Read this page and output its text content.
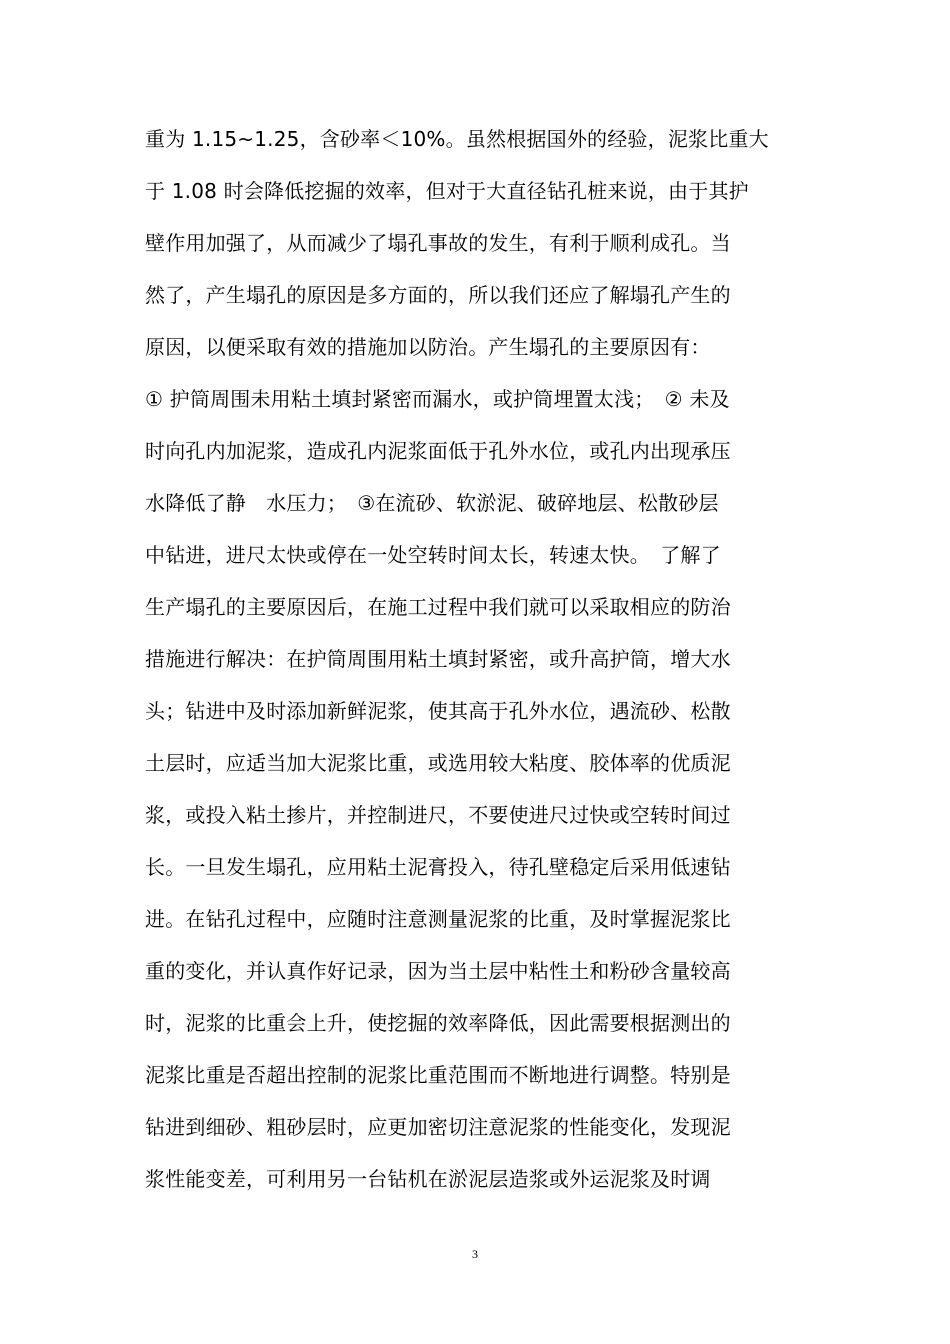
重为 1.15~1.25，含砂率＜10%。虽然根据国外的经验，泥浆比重大
于 1.08 时会降低挖掘的效率，但对于大直径钻孔桩来说，由于其护
壁作用加强了，从而减少了塌孔事故的发生，有利于顺利成孔。当
然了，产生塌孔的原因是多方面的，所以我们还应了解塌孔产生的
原因，以便采取有效的措施加以防治。产生塌孔的主要原因有：
① 护筒周围未用粘土填封紧密而漏水，或护筒埋置太浅；　② 未及
时向孔内加泥浆，造成孔内泥浆面低于孔外水位，或孔内出现承压
水降低了静　水压力；　③在流砂、软淤泥、破碎地层、松散砂层
中钻进，进尺太快或停在一处空转时间太长，转速太快。　了解了
生产塌孔的主要原因后，在施工过程中我们就可以采取相应的防治
措施进行解决：在护筒周围用粘土填封紧密，或升高护筒，增大水
头；钻进中及时添加新鲜泥浆，使其高于孔外水位，遇流砂、松散
土层时，应适当加大泥浆比重，或选用较大粘度、胶体率的优质泥
浆，或投入粘土掺片，并控制进尺，不要使进尺过快或空转时间过
长。一旦发生塌孔，应用粘土泥膏投入，待孔壁稳定后采用低速钻
进。在钻孔过程中，应随时注意测量泥浆的比重，及时掌握泥浆比
重的变化，并认真作好记录，因为当土层中粘性土和粉砂含量较高
时，泥浆的比重会上升，使挖掘的效率降低，因此需要根据测出的
泥浆比重是否超出控制的泥浆比重范围而不断地进行调整。特别是
钻进到细砂、粗砂层时，应更加密切注意泥浆的性能变化，发现泥
浆性能变差，可利用另一台钻机在淤泥层造浆或外运泥浆及时调
3
